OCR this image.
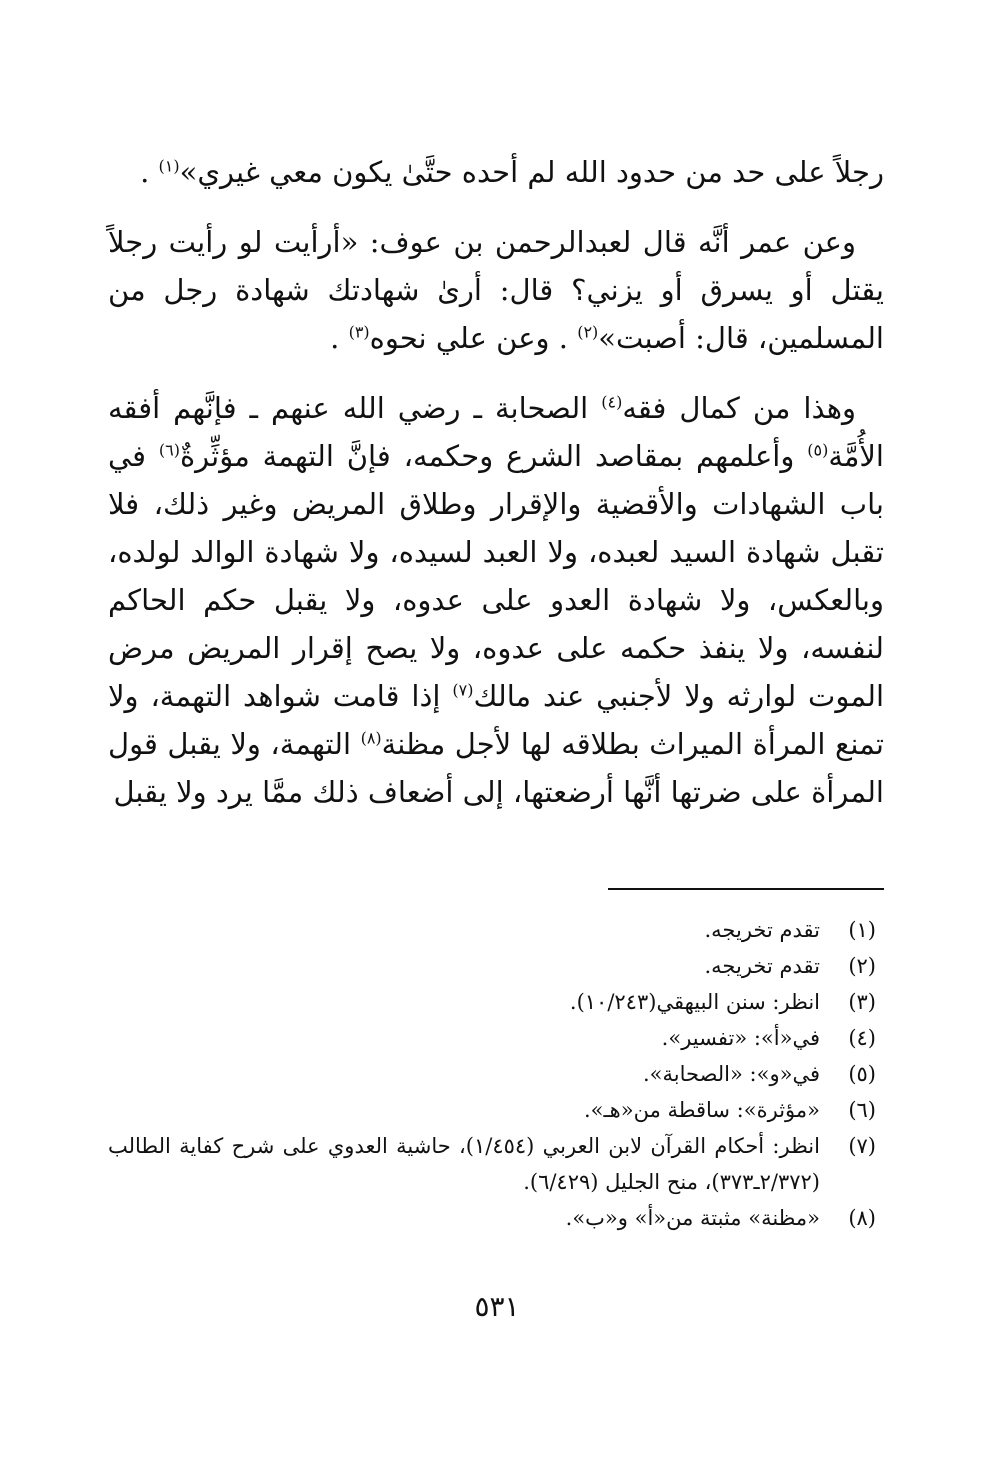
رجلاً على حد من حدود الله لم أحده حتَّىٰ يكون معي غيري»$^{(١)}$ .

وعن عمر أنَّه قال لعبدالرحمن بن عوف: «أرأيت لو رأيت رجلاً يقتل أو يسرق أو يزني؟ قال: أرىٰ شهادتك شهادة رجل من المسلمين، قال: أصبت»$^{(٢)}$ . وعن علي نحوه$^{(٣)}$ .

وهذا من كمال فقه$^{(٤)}$ الصحابة ـ رضي الله عنهم ـ فإنَّهم أفقه الأُمَّة$^{(٥)}$ وأعلمهم بمقاصد الشرع وحكمه، فإنَّ التهمة مؤثِّرةٌ$^{(٦)}$ في باب الشهادات والأقضية والإقرار وطلاق المريض وغير ذلك، فلا تقبل شهادة السيد لعبده، ولا العبد لسيده، ولا شهادة الوالد لولده، وبالعكس، ولا شهادة العدو على عدوه، ولا يقبل حكم الحاكم لنفسه، ولا ينفذ حكمه على عدوه، ولا يصح إقرار المريض مرض الموت لوارثه ولا لأجنبي عند مالك$^{(٧)}$ إذا قامت شواهد التهمة، ولا تمنع المرأة الميراث بطلاقه لها لأجل مظنة$^{(٨)}$ التهمة، ولا يقبل قول المرأة على ضرتها أنَّها أرضعتها، إلى أضعاف ذلك ممَّا يرد ولا يقبل

(١)
تقدم تخريجه.
(٢)
تقدم تخريجه.
(٣)
انظر: سنن البيهقي(١٠/٢٤٣).
(٤)
في«أ»: «تفسير».
(٥)
في«و»: «الصحابة».
(٦)
«مؤثرة»: ساقطة من«هـ».
(٧)
انظر: أحكام القرآن لابن العربي (١/٤٥٤)، حاشية العدوي على شرح كفاية الطالب (٢/٣٧٢ـ٣٧٣)، منح الجليل (٦/٤٢٩).
(٨)
«مظنة» مثبتة من«أ» و«ب».
٥٣١
